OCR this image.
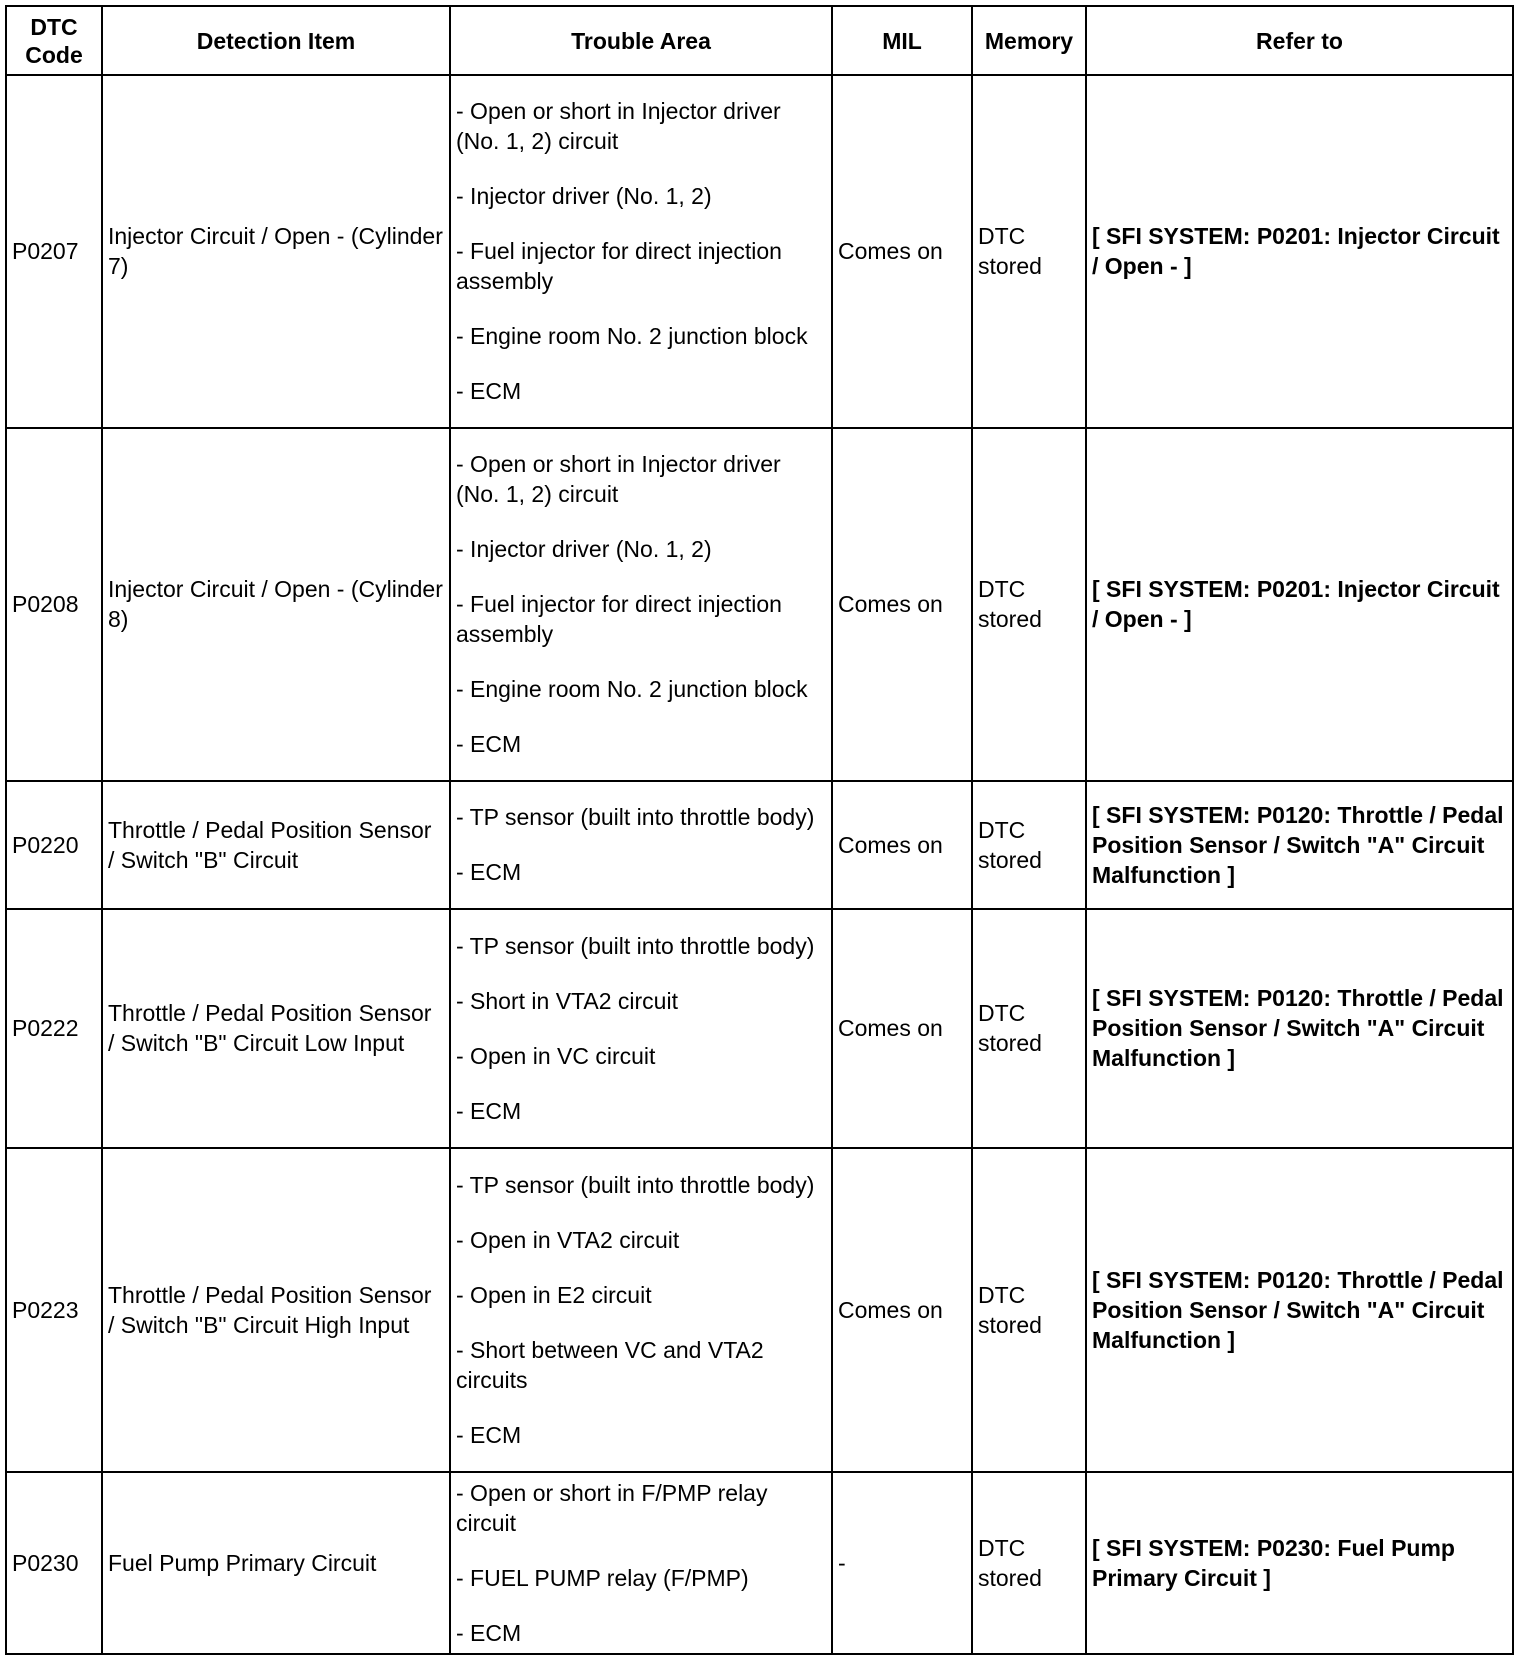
DTC Code	Detection Item	Trouble Area	MIL	Memory	Refer to
P0207	Injector Circuit / Open - (Cylinder 7)	- Open or short in Injector driver (No. 1, 2) circuit
- Injector driver (No. 1, 2)
- Fuel injector for direct injection assembly
- Engine room No. 2 junction block
- ECM	Comes on	DTC stored	[ SFI SYSTEM: P0201: Injector Circuit / Open - ]
P0208	Injector Circuit / Open - (Cylinder 8)	- Open or short in Injector driver (No. 1, 2) circuit
- Injector driver (No. 1, 2)
- Fuel injector for direct injection assembly
- Engine room No. 2 junction block
- ECM	Comes on	DTC stored	[ SFI SYSTEM: P0201: Injector Circuit / Open - ]
P0220	Throttle / Pedal Position Sensor / Switch "B" Circuit	- TP sensor (built into throttle body)
- ECM	Comes on	DTC stored	[ SFI SYSTEM: P0120: Throttle / Pedal Position Sensor / Switch "A" Circuit Malfunction ]
P0222	Throttle / Pedal Position Sensor / Switch "B" Circuit Low Input	- TP sensor (built into throttle body)
- Short in VTA2 circuit
- Open in VC circuit
- ECM	Comes on	DTC stored	[ SFI SYSTEM: P0120: Throttle / Pedal Position Sensor / Switch "A" Circuit Malfunction ]
P0223	Throttle / Pedal Position Sensor / Switch "B" Circuit High Input	- TP sensor (built into throttle body)
- Open in VTA2 circuit
- Open in E2 circuit
- Short between VC and VTA2 circuits
- ECM	Comes on	DTC stored	[ SFI SYSTEM: P0120: Throttle / Pedal Position Sensor / Switch "A" Circuit Malfunction ]
P0230	Fuel Pump Primary Circuit	- Open or short in F/PMP relay circuit
- FUEL PUMP relay (F/PMP)
- ECM	-	DTC stored	[ SFI SYSTEM: P0230: Fuel Pump Primary Circuit ]
